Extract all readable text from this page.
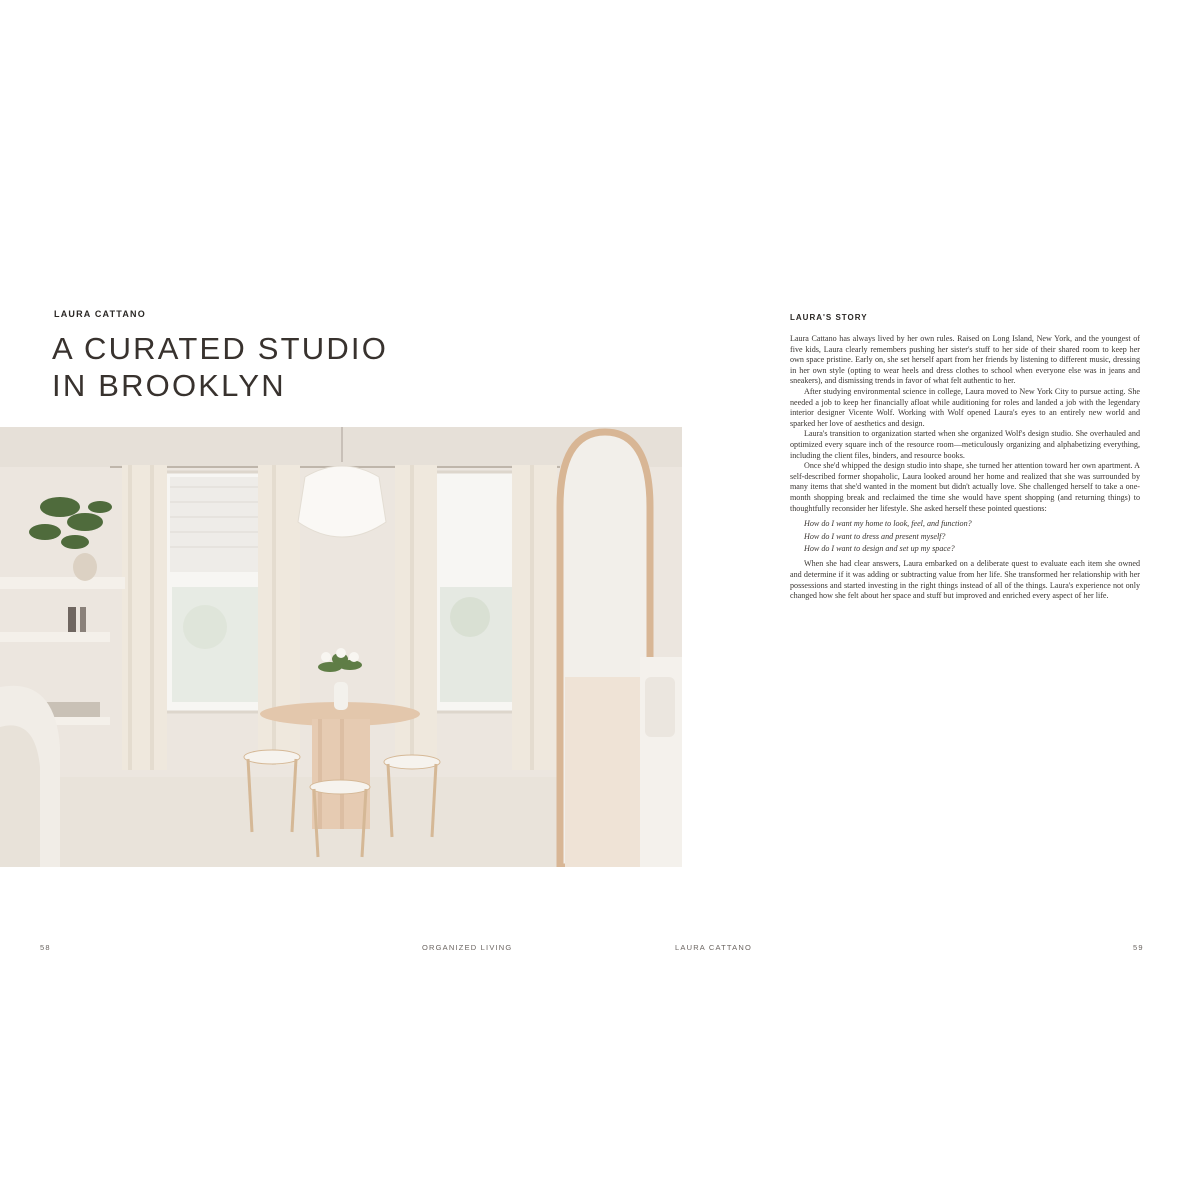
LAURA CATTANO
A CURATED STUDIO
IN BROOKLYN
58	ORGANIZED LIVING
LAURA'S STORY

Laura Cattano has always lived by her own rules. Raised on Long Island, New York, and the youngest of five kids, Laura clearly remembers pushing her sister's stuff to her side of their shared room to keep her own space pristine. Early on, she set herself apart from her friends by listening to different music, dressing in her own style (opting to wear heels and dress clothes to school when everyone else was in jeans and sneakers), and dismissing trends in favor of what felt authentic to her.

After studying environmental science in college, Laura moved to New York City to pursue acting. She needed a job to keep her financially afloat while auditioning for roles and landed a job with the legendary interior designer Vicente Wolf. Working with Wolf opened Laura's eyes to an entirely new world and sparked her love of aesthetics and design.

Laura's transition to organization started when she organized Wolf's design studio. She overhauled and optimized every square inch of the resource room—meticulously organizing and alphabetizing everything, including the client files, binders, and resource books.

Once she'd whipped the design studio into shape, she turned her attention toward her own apartment. A self-described former shopaholic, Laura looked around her home and realized that she was surrounded by many items that she'd wanted in the moment but didn't actually love. She challenged herself to take a one-month shopping break and reclaimed the time she would have spent shopping (and returning things) to thoughtfully reconsider her lifestyle. She asked herself these pointed questions:

How do I want my home to look, feel, and function?
How do I want to dress and present myself?
How do I want to design and set up my space?

When she had clear answers, Laura embarked on a deliberate quest to evaluate each item she owned and determine if it was adding or subtracting value from her life. She transformed her relationship with her possessions and started investing in the right things instead of all of the things. Laura's experience not only changed how she felt about her space and stuff but improved and enriched every aspect of her life.

LAURA CATTANO	59
